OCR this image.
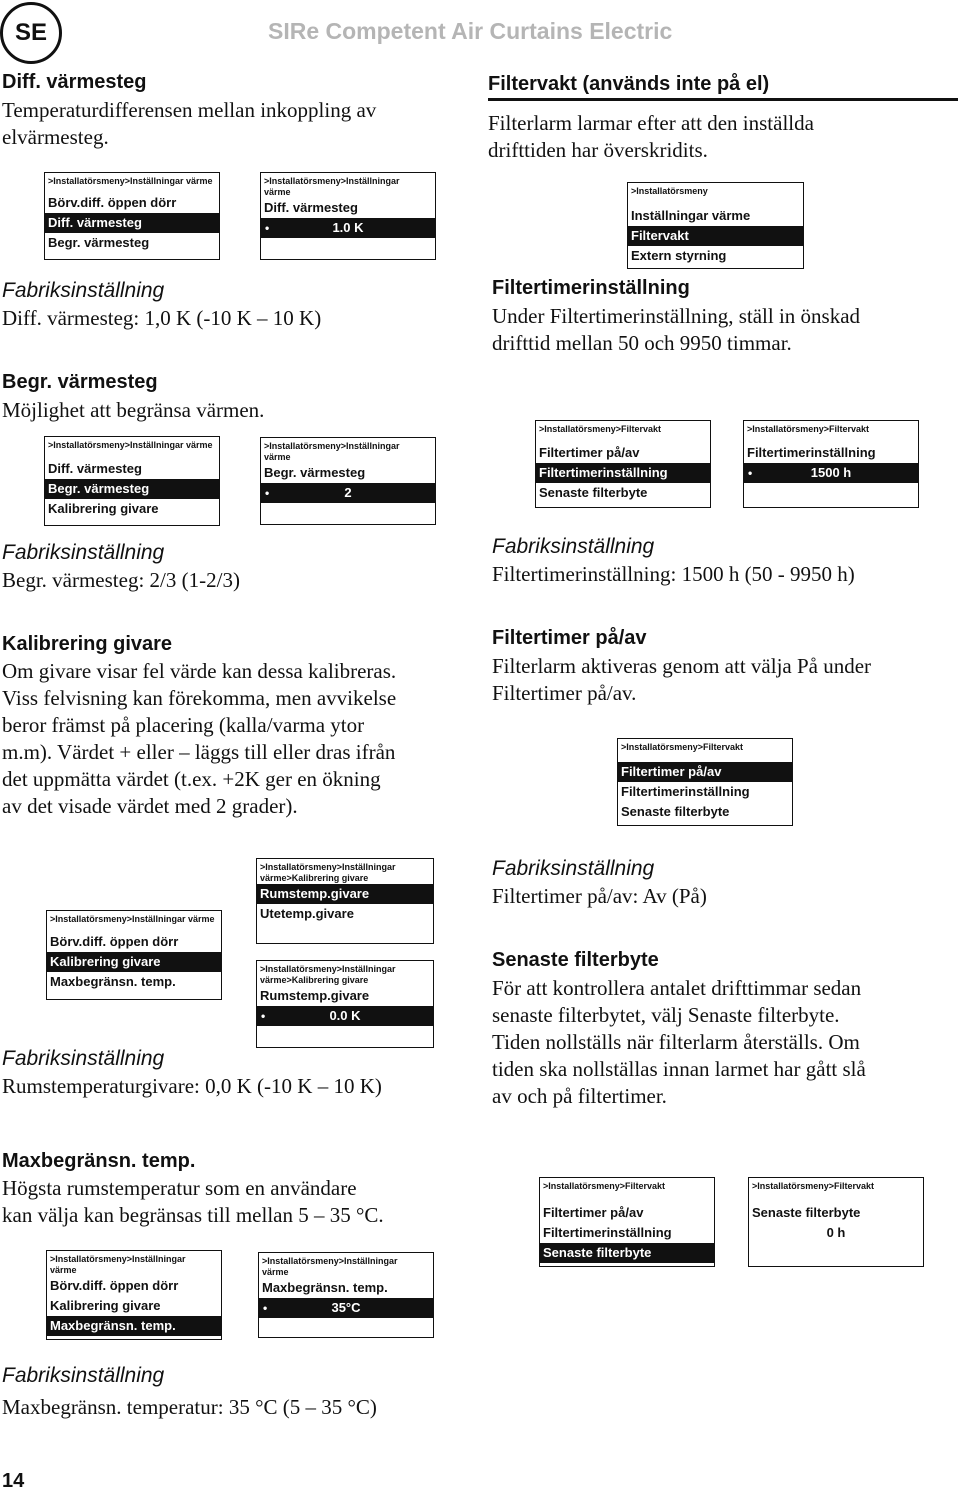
SE	SIRe Competent Air Curtains Electric
Diff. värmesteg
Temperaturdifferensen mellan inkoppling av
elvärmesteg.
>Installatörsmeny>Inställningar värme
Börv.diff. öppen dörr
Diff. värmesteg
Begr. värmesteg
>Installatörsmeny>Inställningar
värme
Diff. värmesteg
•	1.0 K
Fabriksinställning
Diff. värmesteg: 1,0 K (-10 K – 10 K)
Begr. värmesteg
Möjlighet att begränsa värmen.
>Installatörsmeny>Inställningar värme
Diff. värmesteg
Begr. värmesteg
Kalibrering givare
>Installatörsmeny>Inställningar
värme
Begr. värmesteg
•	2
Fabriksinställning
Begr. värmesteg: 2/3 (1-2/3)
Kalibrering givare
Om givare visar fel värde kan dessa kalibreras.
Viss felvisning kan förekomma, men avvikelse
beror främst på placering (kalla/varma ytor
m.m). Värdet + eller – läggs till eller dras ifrån
det uppmätta värdet (t.ex. +2K ger en ökning
av det visade värdet med 2 grader).
>Installatörsmeny>Inställningar värme
Börv.diff. öppen dörr
Kalibrering givare
Maxbegränsn. temp.
>Installatörsmeny>Inställningar
värme>Kalibrering givare
Rumstemp.givare
Utetemp.givare
>Installatörsmeny>Inställningar
värme>Kalibrering givare
Rumstemp.givare
•	0.0 K
Fabriksinställning
Rumstemperaturgivare: 0,0 K (-10 K – 10 K)
Maxbegränsn. temp.
Högsta rumstemperatur som en användare
kan välja kan begränsas till mellan 5 – 35 °C.
>Installatörsmeny>Inställningar
värme
Börv.diff. öppen dörr
Kalibrering givare
Maxbegränsn. temp.
>Installatörsmeny>Inställningar
värme
Maxbegränsn. temp.
•	35°C
Fabriksinställning
Maxbegränsn. temperatur: 35 °C (5 – 35 °C)
Filtervakt (används inte på el)
Filterlarm larmar efter att den inställda
drifttiden har överskridits.
>Installatörsmeny
Inställningar värme
Filtervakt
Extern styrning
Filtertimerinställning
Under Filtertimerinställning, ställ in önskad
drifttid mellan 50 och 9950 timmar.
>Installatörsmeny>Filtervakt
Filtertimer på/av
Filtertimerinställning
Senaste filterbyte
>Installatörsmeny>Filtervakt
Filtertimerinställning
•	1500 h
Fabriksinställning
Filtertimerinställning: 1500 h (50 - 9950 h)
Filtertimer på/av
Filterlarm aktiveras genom att välja På under
Filtertimer på/av.
>Installatörsmeny>Filtervakt
Filtertimer på/av
Filtertimerinställning
Senaste filterbyte
Fabriksinställning
Filtertimer på/av: Av (På)
Senaste filterbyte
För att kontrollera antalet drifttimmar sedan
senaste filterbytet, välj Senaste filterbyte.
Tiden nollställs när filterlarm återställs. Om
tiden ska nollställas innan larmet har gått slå
av och på filtertimer.
>Installatörsmeny>Filtervakt
Filtertimer på/av
Filtertimerinställning
Senaste filterbyte
>Installatörsmeny>Filtervakt
Senaste filterbyte
0 h
14
